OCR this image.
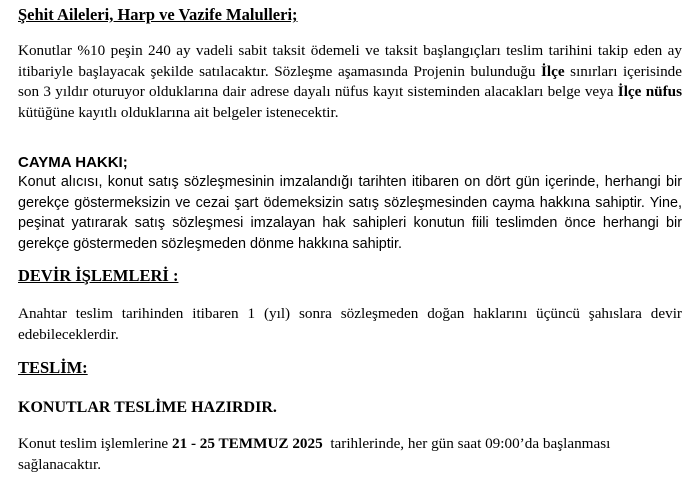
Şehit Aileleri, Harp ve Vazife Malulleri;
Konutlar %10 peşin 240 ay vadeli sabit taksit ödemeli ve taksit başlangıçları teslim tarihini takip eden ay itibariyle başlayacak şekilde satılacaktır. Sözleşme aşamasında Projenin bulunduğu İlçe sınırları içerisinde son 3 yıldır oturuyor olduklarına dair adrese dayalı nüfus kayıt sisteminden alacakları belge veya İlçe nüfus kütüğüne kayıtlı olduklarına ait belgeler istenecektir.
CAYMA HAKKI;
Konut alıcısı, konut satış sözleşmesinin imzalandığı tarihten itibaren on dört gün içerinde, herhangi bir gerekçe göstermeksizin ve cezai şart ödemeksizin satış sözleşmesinden cayma hakkına sahiptir. Yine, peşinat yatırarak satış sözleşmesi imzalayan hak sahipleri konutun fiili teslimden önce herhangi bir gerekçe göstermeden sözleşmeden dönme hakkına sahiptir.
DEVİR İŞLEMLERİ :
Anahtar teslim tarihinden itibaren 1 (yıl) sonra sözleşmeden doğan haklarını üçüncü şahıslara devir edebileceklerdir.
TESLİM:
KONUTLAR TESLİME HAZIRDIR.
Konut teslim işlemlerine 21 - 25 TEMMUZ 2025  tarihlerinde, her gün saat 09:00’da başlanması sağlanacaktır.
